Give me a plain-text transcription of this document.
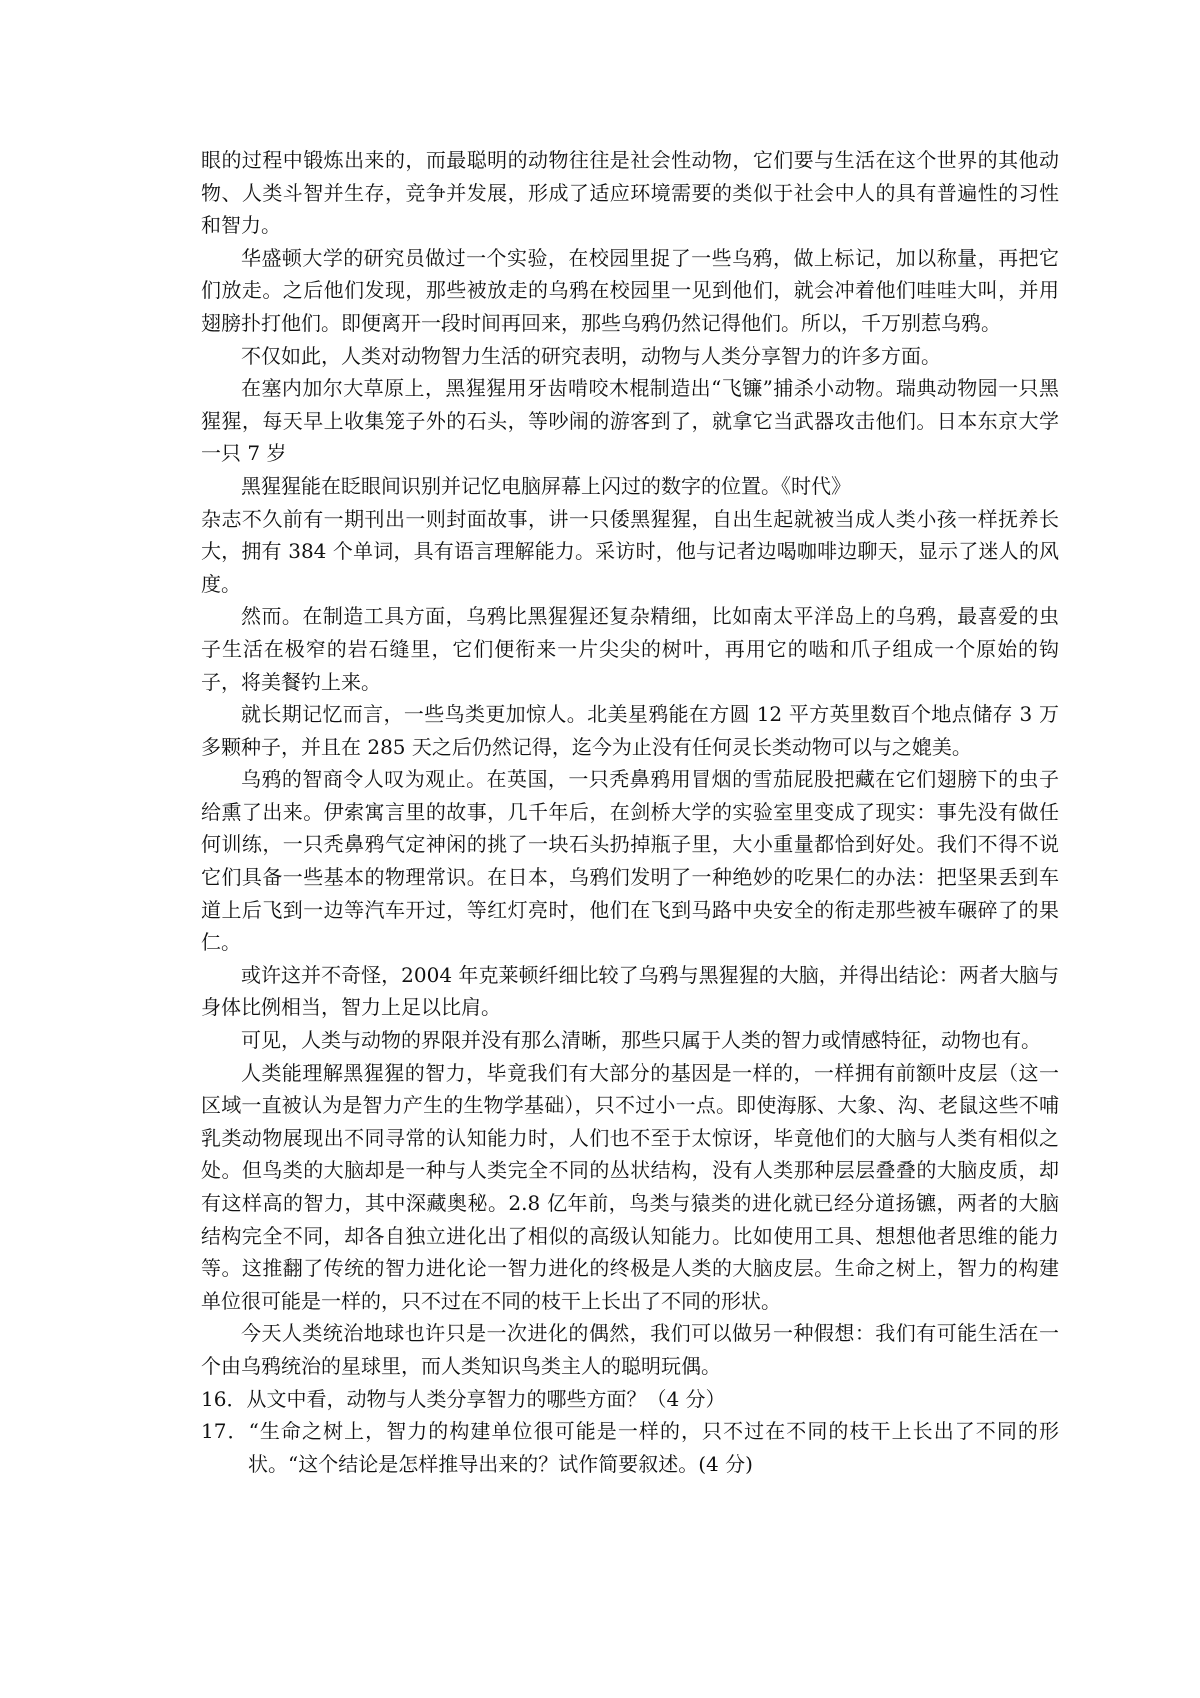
眼的过程中锻炼出来的，而最聪明的动物往往是社会性动物，它们要与生活在这个世界的其他动物、人类斗智并生存，竞争并发展，形成了适应环境需要的类似于社会中人的具有普遍性的习性和智力。

华盛顿大学的研究员做过一个实验，在校园里捉了一些乌鸦，做上标记，加以称量，再把它们放走。之后他们发现，那些被放走的乌鸦在校园里一见到他们，就会冲着他们哇哇大叫，并用翅膀扑打他们。即便离开一段时间再回来，那些乌鸦仍然记得他们。所以，千万别惹乌鸦。

不仅如此，人类对动物智力生活的研究表明，动物与人类分享智力的许多方面。

在塞内加尔大草原上，黑猩猩用牙齿啃咬木棍制造出“飞镰”捕杀小动物。瑞典动物园一只黑猩猩，每天早上收集笼子外的石头，等吵闹的游客到了，就拿它当武器攻击他们。日本东京大学一只 7 岁

黑猩猩能在眨眼间识别并记忆电脑屏幕上闪过的数字的位置。《时代》

杂志不久前有一期刊出一则封面故事，讲一只倭黑猩猩，自出生起就被当成人类小孩一样抚养长大，拥有 384 个单词，具有语言理解能力。采访时，他与记者边喝咖啡边聊天，显示了迷人的风度。

然而。在制造工具方面，乌鸦比黑猩猩还复杂精细，比如南太平洋岛上的乌鸦，最喜爱的虫子生活在极窄的岩石缝里，它们便衔来一片尖尖的树叶，再用它的啮和爪子组成一个原始的钩子，将美餐钓上来。

就长期记忆而言，一些鸟类更加惊人。北美星鸦能在方圆 12 平方英里数百个地点储存 3 万多颗种子，并且在 285 天之后仍然记得，迄今为止没有任何灵长类动物可以与之媲美。

乌鸦的智商令人叹为观止。在英国，一只秃鼻鸦用冒烟的雪茄屁股把藏在它们翅膀下的虫子给熏了出来。伊索寓言里的故事，几千年后，在剑桥大学的实验室里变成了现实：事先没有做任何训练，一只秃鼻鸦气定神闲的挑了一块石头扔掉瓶子里，大小重量都恰到好处。我们不得不说它们具备一些基本的物理常识。在日本，乌鸦们发明了一种绝妙的吃果仁的办法：把坚果丢到车道上后飞到一边等汽车开过，等红灯亮时，他们在飞到马路中央安全的衔走那些被车碾碎了的果仁。

或许这并不奇怪，2004 年克莱顿纤细比较了乌鸦与黑猩猩的大脑，并得出结论：两者大脑与身体比例相当，智力上足以比肩。

可见，人类与动物的界限并没有那么清晰，那些只属于人类的智力或情感特征，动物也有。

人类能理解黑猩猩的智力，毕竟我们有大部分的基因是一样的，一样拥有前额叶皮层（这一区域一直被认为是智力产生的生物学基础），只不过小一点。即使海豚、大象、沟、老鼠这些不哺乳类动物展现出不同寻常的认知能力时，人们也不至于太惊讶，毕竟他们的大脑与人类有相似之处。但鸟类的大脑却是一种与人类完全不同的丛状结构，没有人类那种层层叠叠的大脑皮质，却有这样高的智力，其中深藏奥秘。2.8 亿年前，鸟类与猿类的进化就已经分道扬镳，两者的大脑结构完全不同，却各自独立进化出了相似的高级认知能力。比如使用工具、想想他者思维的能力等。这推翻了传统的智力进化论一智力进化的终极是人类的大脑皮层。生命之树上，智力的构建单位很可能是一样的，只不过在不同的枝干上长出了不同的形状。

今天人类统治地球也许只是一次进化的偶然，我们可以做另一种假想：我们有可能生活在一个由乌鸦统治的星球里，而人类知识鸟类主人的聪明玩偶。

16．从文中看，动物与人类分享智力的哪些方面？（4 分）

17．“生命之树上，智力的构建单位很可能是一样的，只不过在不同的枝干上长出了不同的形状。“这个结论是怎样推导出来的？试作简要叙述。(4 分)
